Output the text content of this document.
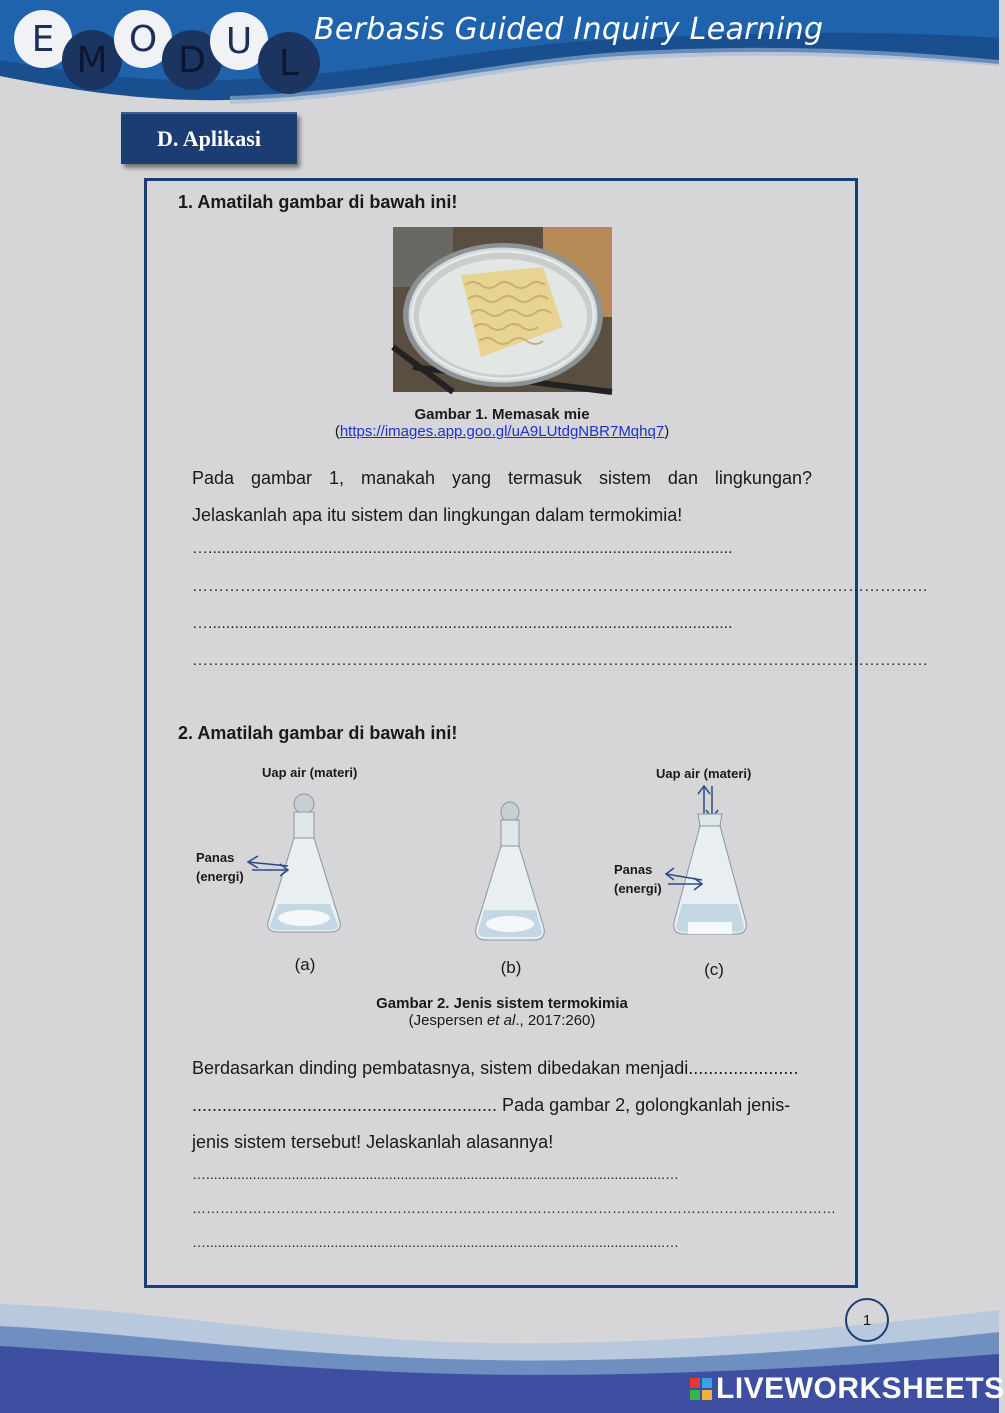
E
M
O
D U
L
Berbasis Guided Inquiry Learning
D. Aplikasi
1. Amatilah gambar di bawah ini!
Gambar 1. Memasak mie
(https://images.app.goo.gl/uA9LUtdgNBR7Mqhq7)
Pada gambar 1, manakah yang termasuk sistem dan lingkungan? Jelaskanlah apa itu sistem dan lingkungan dalam termokimia!
…......................................................................................................................
…………………………………………………………………………………………………………………………
…......................................................................................................................
…………………………………………………………………………………………………………………………
2. Amatilah gambar di bawah ini!
Uap air (materi)
Panas
(energi)
(a)	(b)
Uap air (materi)
Panas
(energi)
(c)
Gambar 2. Jenis sistem termokimia
(Jespersen et al., 2017:260)
Berdasarkan dinding pembatasnya, sistem dibedakan menjadi......................
............................................................. Pada gambar 2, golongkanlah jenis-
jenis sistem tersebut! Jelaskanlah alasannya!
…......................................................................................................................…
…………………………………………………………………………………………………………………………
…......................................................................................................................…
1
LIVEWORKSHEETS
